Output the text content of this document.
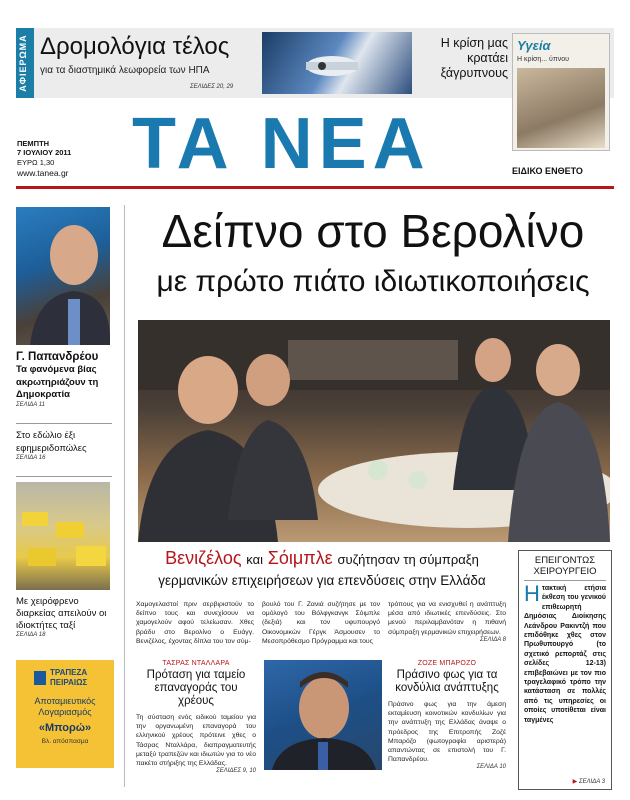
ΑΦΙΕΡΩΜΑ Δρομολόγια τέλος
για τα διαστημικά λεωφορεία των ΗΠΑ
ΣΕΛΙΔΕΣ 20, 29
Η κρίση μας κρατάει ξάγρυπνους
Υγεία
Η κρίση... ύπνου
ΠΕΜΠΤΗ
7 ΙΟΥΛΙΟΥ 2011
ΕΥΡΩ 1,30
www.tanea.gr ΤΑ ΝΕΑ	ΕΙΔΙΚΟ ΕΝΘΕΤΟ
Γ. Παπανδρέου
Τα φανόμενα βίας ακρωτηριάζουν τη Δημοκρατία
ΣΕΛΙΔΑ 11
Στο εδώλιο έξι εφημεριδοπώλες
ΣΕΛΙΔΑ 16
Με χειρόφρενο διαρκείας απειλούν οι ιδιοκτήτες ταξί
ΣΕΛΙΔΑ 18
ΤΡΑΠΕΖΑ
ΠΕΙΡΑΙΩΣ
Αποταμιευτικός Λογαριασμός
«Μπορώ»
Βλ. απόσπασμα
Δείπνο στο Βερολίνο
με πρώτο πιάτο ιδιωτικοποιήσεις
Βενιζέλος και Σόιμπλε συζήτησαν τη σύμπραξη
γερμανικών επιχειρήσεων για επενδύσεις στην Ελλάδα
Χαμογελαστοί πριν σερβιριστούν το δείπνο τους και συνεχίσουν να χαμογελούν αφού τελείωσαν. Χθες βράδυ στο Βερολίνο ο Ευάγγ. Βενιζέλος, έχοντας δίπλα του τον σύμ-
βουλό του Γ. Ζανιά συζήτησε με τον ομόλογό του Βόλφγκανγκ Σόιμπλε (δεξιά) και τον υφυπουργό Οικονομικών Γέργκ Άσμουσεν το Μεσοπρόθεσμο Πρόγραμμα και τους
τρόπους για να ενισχυθεί η ανάπτυξη μέσα από ιδιωτικές επενδύσεις. Στο μενού περιλαμβανόταν η πιθανή σύμπραξη γερμανικών επιχειρήσεων.
ΣΕΛΙΔΑ 8
ΤΑΣΡΑΣ ΝΤΑΛΛΑΡΑ
Πρόταση για ταμείο επαναγοράς του χρέους
Τη σύσταση ενός ειδικού ταμείου για την οργανωμένη επαναγορά του ελληνικού χρέους πρότεινε χθες ο Τάσρας Νταλλάρα, διαπραγματευτής μεταξύ τραπεζών και ιδιωτών για το νέο πακέτο στήριξης της Ελλάδας.
ΣΕΛΙΔΕΣ 9, 10
ΖΟΖΕ ΜΠΑΡΟΖΟ
Πράσινο φως για τα κονδύλια ανάπτυξης
Πράσινο φως για την άμεση εκταμίευση κοινοτικών κονδυλίων για την ανάπτυξη της Ελλάδας άναψε ο πρόεδρος της Επιτροπής Ζοζέ Μπαρόζο (φωτογραφία αριστερά) απαντώντας σε επιστολή του Γ. Παπανδρέου.
ΣΕΛΙΔΑ 10
ΕΠΕΙΓΟΝΤΩΣ
ΧΕΙΡΟΥΡΓΕΙΟ
Η τακτική ετήσια έκθεση του γενικού επιθεωρητή Δημόσιας Διοίκησης Λεάνδρου Ρακιντζή που επιδόθηκε χθες στον Πρωθυπουργό (το σχετικό ρεπορτάζ στις σελίδες 12-13) επιβεβαιώνει με τον πιο τραγελαφικό τρόπο την κατάσταση σε πολλές από τις υπηρεσίες οι οποίες υποτίθεται είναι ταγμένες
▶ ΣΕΛΙΔΑ 3
